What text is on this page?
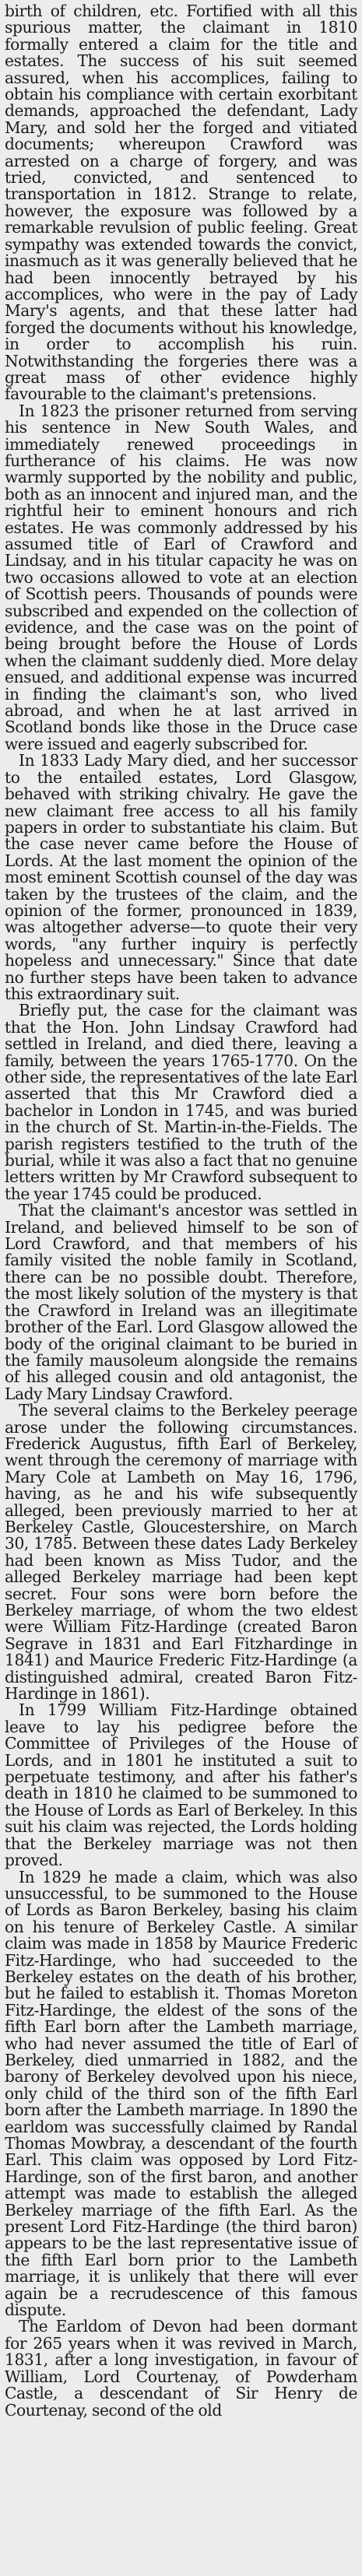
birth of children, etc. Fortified with all this spurious matter, the claimant in 1810 formally entered a claim for the title and estates. The success of his suit seemed assured, when his accomplices, failing to obtain his compliance with certain exorbitant demands, approached the defendant, Lady Mary, and sold her the forged and vitiated documents; whereupon Crawford was arrested on a charge of forgery, and was tried, convicted, and sentenced to transportation in 1812. Strange to relate, however, the exposure was followed by a remarkable revulsion of public feeling. Great sympathy was extended towards the convict, inasmuch as it was generally believed that he had been innocently betrayed by his accomplices, who were in the pay of Lady Mary's agents, and that these latter had forged the documents without his knowledge, in order to accomplish his ruin. Notwithstanding the forgeries there was a great mass of other evidence highly favourable to the claimant's pretensions.

In 1823 the prisoner returned from serving his sentence in New South Wales, and immediately renewed proceedings in furtherance of his claims. He was now warmly supported by the nobility and public, both as an innocent and injured man, and the rightful heir to eminent honours and rich estates. He was commonly addressed by his assumed title of Earl of Crawford and Lindsay, and in his titular capacity he was on two occasions allowed to vote at an election of Scottish peers. Thousands of pounds were subscribed and expended on the collection of evidence, and the case was on the point of being brought before the House of Lords when the claimant suddenly died. More delay ensued, and additional expense was incurred in finding the claimant's son, who lived abroad, and when he at last arrived in Scotland bonds like those in the Druce case were issued and eagerly subscribed for.

In 1833 Lady Mary died, and her successor to the entailed estates, Lord Glasgow, behaved with striking chivalry. He gave the new claimant free access to all his family papers in order to substantiate his claim. But the case never came before the House of Lords. At the last moment the opinion of the most eminent Scottish counsel of the day was taken by the trustees of the claim, and the opinion of the former, pronounced in 1839, was altogether adverse—to quote their very words, "any further inquiry is perfectly hopeless and unnecessary." Since that date no further steps have been taken to advance this extraordinary suit.

Briefly put, the case for the claimant was that the Hon. John Lindsay Crawford had settled in Ireland, and died there, leaving a family, between the years 1765-1770. On the other side, the representatives of the late Earl asserted that this Mr Crawford died a bachelor in London in 1745, and was buried in the church of St. Martin-in-the-Fields. The parish registers testified to the truth of the burial, while it was also a fact that no genuine letters written by Mr Crawford subsequent to the year 1745 could be produced.

That the claimant's ancestor was settled in Ireland, and believed himself to be son of Lord Crawford, and that members of his family visited the noble family in Scotland, there can be no possible doubt. Therefore, the most likely solution of the mystery is that the Crawford in Ireland was an illegitimate brother of the Earl. Lord Glasgow allowed the body of the original claimant to be buried in the family mausoleum alongside the remains of his alleged cousin and old antagonist, the Lady Mary Lindsay Crawford.

The several claims to the Berkeley peerage arose under the following circumstances. Frederick Augustus, fifth Earl of Berkeley, went through the ceremony of marriage with Mary Cole at Lambeth on May 16, 1796, having, as he and his wife subsequently alleged, been previously married to her at Berkeley Castle, Gloucestershire, on March 30, 1785. Between these dates Lady Berkeley had been known as Miss Tudor, and the alleged Berkeley marriage had been kept secret. Four sons were born before the Berkeley marriage, of whom the two eldest were William Fitz-Hardinge (created Baron Segrave in 1831 and Earl Fitzhardinge in 1841) and Maurice Frederic Fitz-Hardinge (a distinguished admiral, created Baron Fitz-Hardinge in 1861).

In 1799 William Fitz-Hardinge obtained leave to lay his pedigree before the Committee of Privileges of the House of Lords, and in 1801 he instituted a suit to perpetuate testimony, and after his father's death in 1810 he claimed to be summoned to the House of Lords as Earl of Berkeley. In this suit his claim was rejected, the Lords holding that the Berkeley marriage was not then proved.

In 1829 he made a claim, which was also unsuccessful, to be summoned to the House of Lords as Baron Berkeley, basing his claim on his tenure of Berkeley Castle. A similar claim was made in 1858 by Maurice Frederic Fitz-Hardinge, who had succeeded to the Berkeley estates on the death of his brother, but he failed to establish it. Thomas Moreton Fitz-Hardinge, the eldest of the sons of the fifth Earl born after the Lambeth marriage, who had never assumed the title of Earl of Berkeley, died unmarried in 1882, and the barony of Berkeley devolved upon his niece, only child of the third son of the fifth Earl born after the Lambeth marriage. In 1890 the earldom was successfully claimed by Randal Thomas Mowbray, a descendant of the fourth Earl. This claim was opposed by Lord Fitz-Hardinge, son of the first baron, and another attempt was made to establish the alleged Berkeley marriage of the fifth Earl. As the present Lord Fitz-Hardinge (the third baron) appears to be the last representative issue of the fifth Earl born prior to the Lambeth marriage, it is unlikely that there will ever again be a recrudescence of this famous dispute.

The Earldom of Devon had been dormant for 265 years when it was revived in March, 1831, after a long investigation, in favour of William, Lord Courtenay, of Powderham Castle, a descendant of Sir Henry de Courtenay, second of the old
